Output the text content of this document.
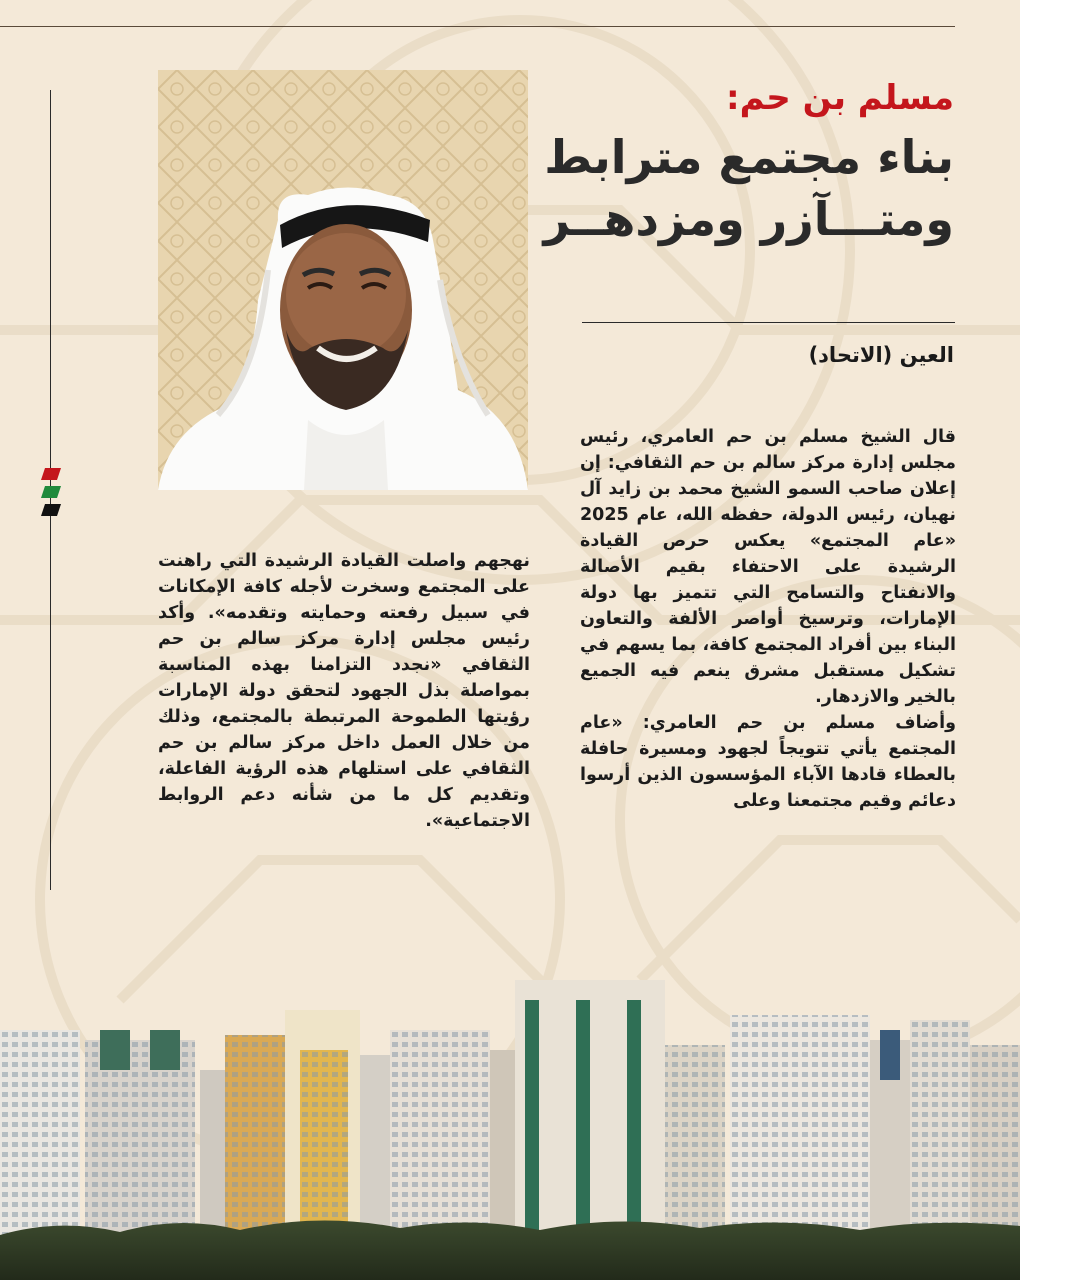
مسلم بن حم:
بناء مجتمع مترابط
ومتـــآزر ومزدهــر
العين (الاتحاد)

قال الشيخ مسلم بن حم العامري، رئيس مجلس إدارة مركز سالم بن حم الثقافي: إن إعلان صاحب السمو الشيخ محمد بن زايد آل نهيان، رئيس الدولة، حفظه الله، عام 2025 «عام المجتمع» يعكس حرص القيادة الرشيدة على الاحتفاء بقيم الأصالة والانفتاح والتسامح التي تتميز بها دولة الإمارات، وترسيخ أواصر الألفة والتعاون البناء بين أفراد المجتمع كافة، بما يسهم في تشكيل مستقبل مشرق ينعم فيه الجميع بالخير والازدهار.

وأضاف مسلم بن حم العامري: «عام المجتمع يأتي تتويجاً لجهود ومسيرة حافلة بالعطاء قادها الآباء المؤسسون الذين أرسوا دعائم وقيم مجتمعنا وعلى

نهجهم واصلت القيادة الرشيدة التي راهنت على المجتمع وسخرت لأجله كافة الإمكانات في سبيل رفعته وحمايته وتقدمه». وأكد رئيس مجلس إدارة مركز سالم بن حم الثقافي «نجدد التزامنا بهذه المناسبة بمواصلة بذل الجهود لتحقق دولة الإمارات رؤيتها الطموحة المرتبطة بالمجتمع، وذلك من خلال العمل داخل مركز سالم بن حم الثقافي على استلهام هذه الرؤية الفاعلة، وتقديم كل ما من شأنه دعم الروابط الاجتماعية».
